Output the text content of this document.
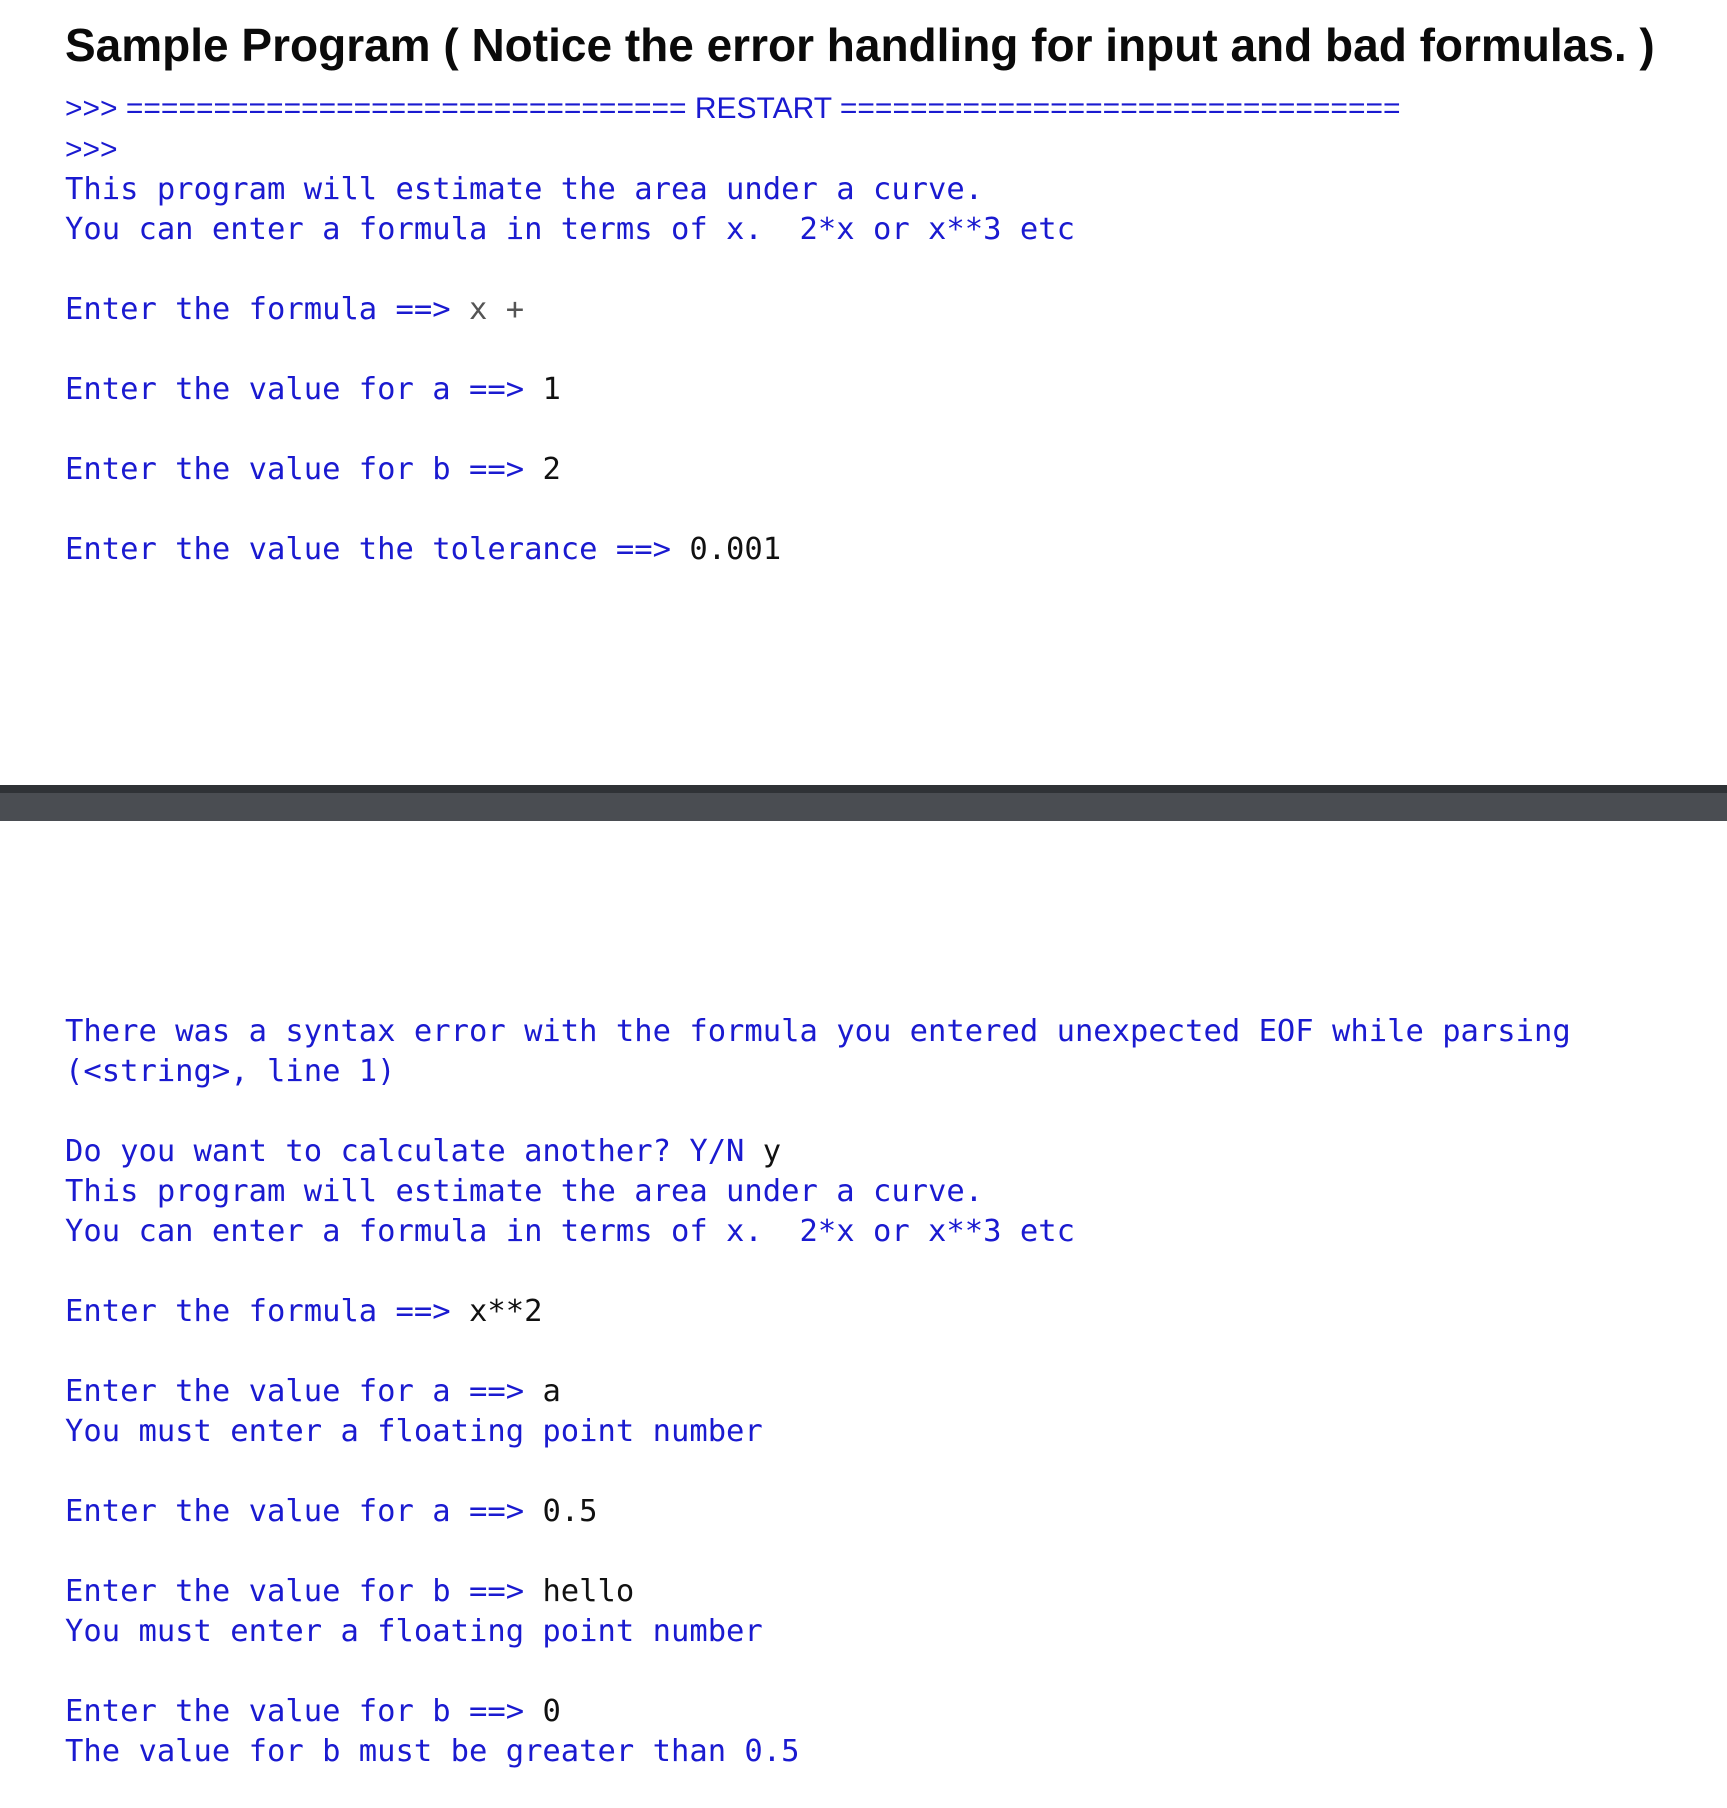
Sample Program ( Notice the error handling for input and bad formulas. )
>>> ================================ RESTART ================================
>>>
This program will estimate the area under a curve.
You can enter a formula in terms of x.  2*x or x**3 etc
Enter the formula ==> x +
Enter the value for a ==> 1
Enter the value for b ==> 2
Enter the value the tolerance ==> 0.001
There was a syntax error with the formula you entered unexpected EOF while parsing
(<string>, line 1)
Do you want to calculate another? Y/N y
This program will estimate the area under a curve.
You can enter a formula in terms of x.  2*x or x**3 etc
Enter the formula ==> x**2
Enter the value for a ==> a
You must enter a floating point number
Enter the value for a ==> 0.5
Enter the value for b ==> hello
You must enter a floating point number
Enter the value for b ==> 0
The value for b must be greater than 0.5
